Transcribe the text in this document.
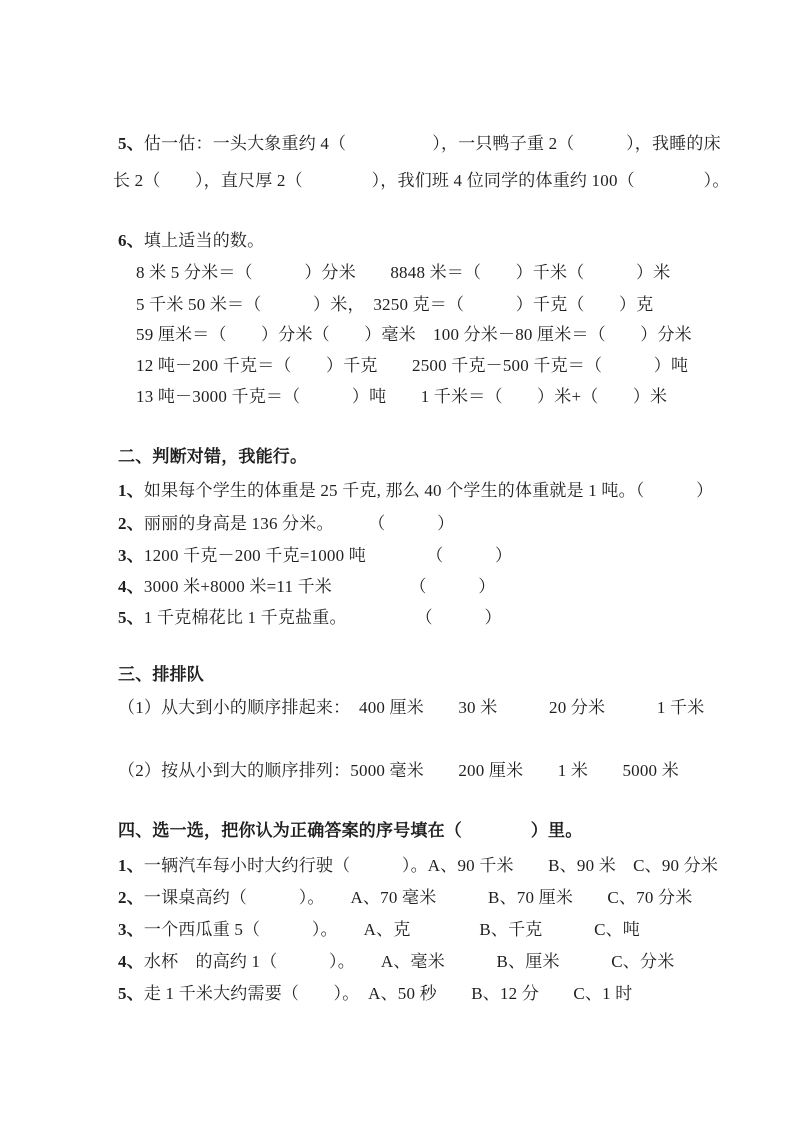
5、估一估：一头大象重约 4（　　　　　），一只鸭子重 2（　　　），我睡的床
长 2（　　），直尺厚 2（　　　　），我们班 4 位同学的体重约 100（　　　　）。
6、填上适当的数。
8 米 5 分米＝（　　　）分米　　8848 米＝（　　）千米（　　　）米
5 千米 50 米＝（　　　）米，　3250 克＝（　　　）千克（　　）克
59 厘米＝（　　）分米（　　）毫米　100 分米－80 厘米＝（　　）分米
12 吨－200 千克＝（　　）千克　　2500 千克－500 千克＝（　　　）吨
13 吨－3000 千克＝（　　　）吨　　1 千米＝（　　）米+（　　）米
二、判断对错，我能行。
1、如果每个学生的体重是 25 千克, 那么 40 个学生的体重就是 1 吨。（　　　）
2、丽丽的身高是 136 分米。　　　（　　　）
3、1200 千克－200 千克=1000 吨　　　　（　　　）
4、3000 米+8000 米=11 千米　　　　　（　　　）
5、1 千克棉花比 1 千克盐重。　　　　　（　　　）
三、排排队
（1）从大到小的顺序排起来：　400 厘米　　30 米　　　20 分米　　　1 千米
（2）按从小到大的顺序排列：5000 毫米　　200 厘米　　1 米　　5000 米
四、选一选，把你认为正确答案的序号填在（　　　　）里。
1、一辆汽车每小时大约行驶（　　　）。A、90 千米　　B、90 米　C、90 分米
2、一课桌高约（　　　）。　　A、70 毫米　　　B、70 厘米　　C、70 分米
3、一个西瓜重 5（　　　）。　　A、克　　　　B、千克　　　C、吨
4、水杯　的高约 1（　　　）。　　A、毫米　　　B、厘米　　　C、分米
5、走 1 千米大约需要（　　）。　A、50 秒　　B、12 分　　C、1 时
